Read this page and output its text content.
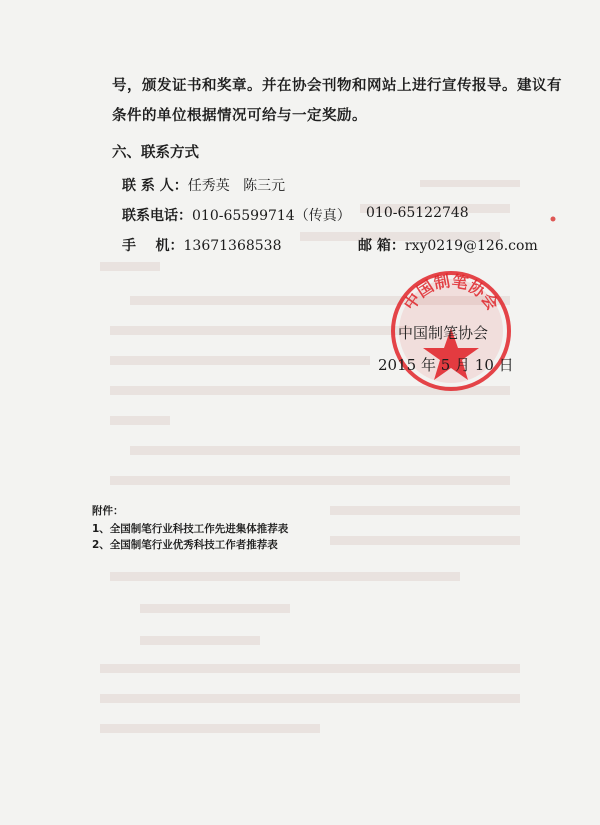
号，颁发证书和奖章。并在协会刊物和网站上进行宣传报导。建议有
条件的单位根据情况可给与一定奖励。
六、联系方式
联 系 人：任秀英   陈三元
联系电话：010-65599714（传真） 010-65122748
手    机：13671368538	邮 箱：rxy0219@126.com
中国制笔协会
中国制笔协会
2015 年 5 月 10 日
附件：
1、全国制笔行业科技工作先进集体推荐表
2、全国制笔行业优秀科技工作者推荐表
